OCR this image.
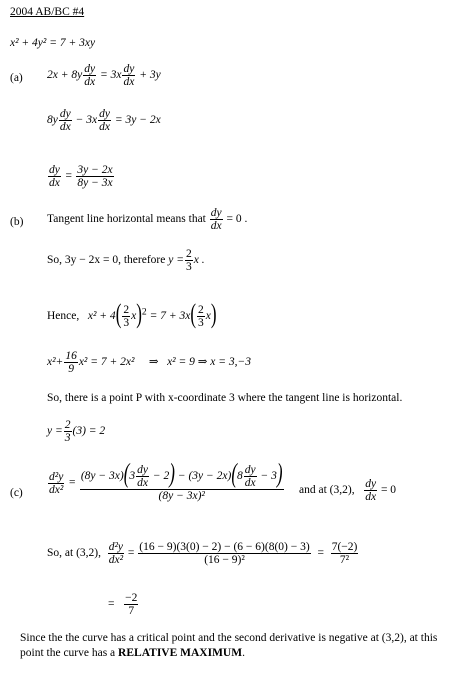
2004 AB/BC #4
x² + 4y² = 7 + 3xy
(a) $2x + 8y \frac{dy}{dx} = 3x \frac{dy}{dx} + 3y$
$8y \frac{dy}{dx} - 3x \frac{dy}{dx} = 3y - 2x$
$\frac{dy}{dx} = \frac{3y - 2x}{8y - 3x}$
(b) Tangent line horizontal means that $\frac{dy}{dx} = 0$ .
So, 3y − 2x = 0, therefore $y = \frac{2}{3}$ x .
Hence, $x^2 + 4( \frac{2}{3} x)^2 = 7 + 3x( \frac{2}{3} x)$
$x^2+ \frac{16}{9} x^2 = 7 + 2x^2$ ⇒ x² = 9 ⇒ x = 3,−3
So, there is a point P with x-coordinate 3 where the tangent line is horizontal.
$y = \frac{2}{3} (3) = 2$
$(c) \frac{\text{d²y}}{\text{dx²}} = \frac{(8y - 3x)(3 \frac{dy}{dx} - 2) - (3y - 2x)(8 \frac{dy}{dx} - 3)}{\text{(8y − 3x)²}}$ and at (3,2), $\frac{dy}{dx} = 0$
So, at (3,2), $\frac{\text{d²y}}{\text{dx²}} = \frac{(16 - 9)(3(0) - 2) - (6 - 6)(8(0) - 3)}{\text{(16 − 9)²}} = \frac{7(-2)}{\text{7²}}$
= $\frac{-2}{7}$
Since the the curve has a critical point and the second derivative is negative at (3,2), at this point the curve has a RELATIVE MAXIMUM.
